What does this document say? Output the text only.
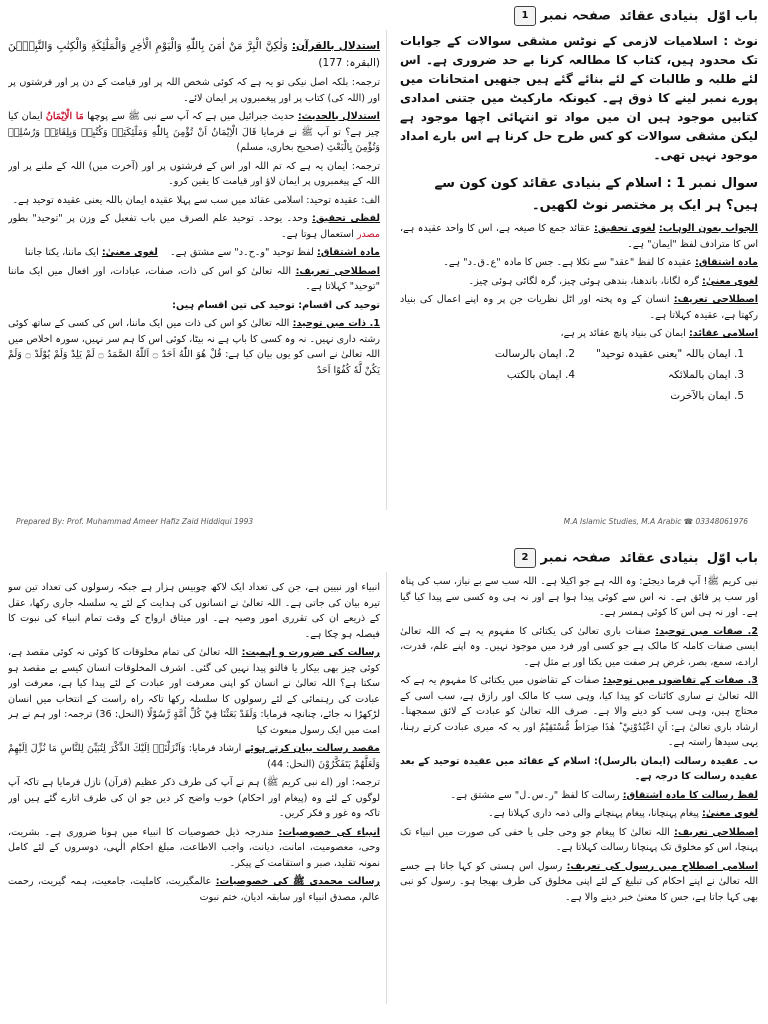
باب اوّل
بنیادی عقائد
صفحہ نمبر 1

نوٹ : اسلامیات لازمی کے نوٹس مشقی سوالات کے جوابات تک محدود ہیں، کتاب کا مطالعہ کرنا بے حد ضروری ہے۔ اس لئے طلبہ و طالبات کے لئے بنائے گئے ہیں جنھیں امتحانات میں پورے نمبر لینے کا ذوق ہے۔ کیونکہ مارکیٹ میں جتنی امدادی کتابیں موجود ہیں ان میں مواد تو انتہائی اچھا موجود ہے لیکن مشقی سوالات کو کس طرح حل کرنا ہے اس بارے امداد موجود نہیں تھی۔

سوال نمبر 1 : اسلام کے بنیادی عقائد کون کون سے ہیں؟ ہر ایک پر مختصر نوٹ لکھیں۔

الجواب بعون الوہاب: لغوی تحقیق: عقائد جمع کا صیغہ ہے، اس کا واحد عقیدہ ہے، اس کا مترادف لفظ "ایمان" ہے۔

مادہ اشتقاق: عقیدہ کا لفظ "عقد" سے نکلا ہے۔ جس کا مادہ "ع۔ق۔د" ہے۔

لغوی معنیٰ: گرہ لگانا، باندھنا، بندھی ہوئی چیز، گرہ لگائی ہوئی چیز۔

اصطلاحی تعریف: انسان کے وہ پختہ اور اٹل نظریات جن پر وہ اپنے اعمال کی بنیاد رکھتا ہے، عقیدہ کہلاتا ہے۔

اسلامی عقائد: ایمان کی بنیاد پانچ عقائد پر ہے،

1. ایمان باللہ "یعنی عقیدہ توحید"
2. ایمان بالرسالت
3. ایمان بالملائکہ
4. ایمان بالکتب
5. ایمان بالآخرت
M.A Islamic Studies, M.A Arabic ☎ 03348061976

استدلال بالقرآن: وَلٰكِنَّ الْبِرَّ مَنْ اٰمَنَ بِاللّٰهِ وَالْيَوْمِ الْاٰخِرِ وَالْمَلٰٓئِكَةِ وَالْكِتٰبِ وَالنَّبِيّٖنَ (البقرہ: 177)

ترجمہ: بلکہ اصل نیکی تو یہ ہے کہ کوئی شخص اللہ پر اور قیامت کے دن پر اور فرشتوں پر اور (اللہ کی) کتاب پر اور پیغمبروں پر ایمان لائے۔

استدلال بالحدیث: حدیث جبرائیل میں ہے کہ آپ سے نبی ﷺ سے پوچھا مَا الْاِيْمَانُ ایمان کیا چیز ہے؟ تو آپ ﷺ نے فرمایا قَالَ الْاِيْمَانُ اَنْ تُؤْمِنَ بِاللّٰهِ وَمَلٰٓئِكَتِهٖ وَكُتُبِهٖ وَبِلِقَائِهٖ وَرُسُلِهٖ وَتُؤْمِنَ بِالْبَعْثِ (صحیح بخاری، مسلم)

ترجمہ: ایمان یہ ہے کہ تم اللہ اور اس کے فرشتوں پر اور (آخرت میں) اللہ کے ملنے پر اور اللہ کے پیغمبروں پر ایمان لاؤ اور قیامت کا یقین کرو۔

الف: عقیدہ توحید: اسلامی عقائد میں سب سے پہلا عقیدہ ایمان باللہ یعنی عقیدہ توحید ہے۔

لفظی تحقیق: وحد۔ یوحد۔ توحید علم الصرف میں باب تفعیل کے وزن پر "توحید" بطور مصدر استعمال ہوتا ہے۔

مادہ اشتقاق: لفظ توحید "و۔ح۔د" سے مشتق ہے۔    لغوی معنیٰ: ایک ماننا، یکتا جاننا

اصطلاحی تعریف: اللہ تعالیٰ کو اس کی ذات، صفات، عبادات، اور افعال میں ایک ماننا "توحید" کہلاتا ہے۔

توحید کی اقسام: توحید کی تین اقسام ہیں:

1. ذات میں توحید: اللہ تعالیٰ کو اس کی ذات میں ایک ماننا، اس کی کسی کے ساتھ کوئی رشتہ داری نہیں۔ نہ وہ کسی کا باپ ہے نہ بیٹا، کوئی اس کا ہم سر نہیں، سورہ اخلاص میں اللہ تعالیٰ نے اسی کو یوں بیان کیا ہے: قُلْ هُوَ اللّٰهُ اَحَدٌ ۝ اَللّٰهُ الصَّمَدُ ۝ لَمْ يَلِدْ وَلَمْ يُوْلَدْ ۝ وَلَمْ يَكُنْ لَّهٗ كُفُوًا اَحَدٌ

Prepared By: Prof. Muhammad Ameer Hafiz Zaid Hiddiqui 1993
باب اوّل
بنیادی عقائد
صفحہ نمبر 2

نبی کریم ﷺ! آپ فرما دیجئے: وہ اللہ ہے جو اکیلا ہے۔ اللہ سب سے بے نیاز، سب کی پناہ اور سب پر فائق ہے۔ نہ اس سے کوئی پیدا ہوا ہے اور نہ ہی وہ کسی سے پیدا کیا گیا ہے۔ اور نہ ہی اس کا کوئی ہمسر ہے۔

2. صفات میں توحید: صفات باری تعالیٰ کی یکتائی کا مفہوم یہ ہے کہ اللہ تعالیٰ ایسی صفات کاملہ کا مالک ہے جو کسی اور فرد میں موجود نہیں۔ وہ اپنے علم، قدرت، ارادے، سمع، بصر، غرض ہر صفت میں یکتا اور بے مثل ہے۔

3. صفات کے تقاضوں میں توحید: صفات کے تقاضوں میں یکتائی کا مفہوم یہ ہے کہ اللہ تعالیٰ نے ساری کائنات کو پیدا کیا، وہی سب کا مالک اور رازق ہے، سب اسی کے محتاج ہیں، وہی سب کو دینے والا ہے۔ صرف اللہ تعالیٰ کو عبادت کے لائق سمجھنا۔ ارشاد باری تعالیٰ ہے: اَنِ اعْبُدُوْنِيْ ؕ هٰذَا صِرَاطٌ مُّسْتَقِيْمٌ اور یہ کہ میری عبادت کرتے رہنا، یہی سیدھا راستہ ہے۔

ب۔ عقیدہ رسالت (ایمان بالرسل): اسلام کے عقائد میں عقیدہ توحید کے بعد عقیدہ رسالت کا درجہ ہے۔

لفظ رسالت کا مادہ اشتقاق: رسالت کا لفظ "ر۔س۔ل" سے مشتق ہے۔

لغوی معنیٰ: پیغام پہنچانا، پیغام پہنچانے والی ذمہ داری کہلاتا ہے۔

اصطلاحی تعریف: اللہ تعالیٰ کا پیغام جو وحی جلی یا خفی کی صورت میں انبیاء تک پہنچا، اس کو مخلوق تک پہنچانا رسالت کہلاتا ہے۔

اسلامی اصطلاح میں رسول کی تعریف: رسول اس ہستی کو کہا جاتا ہے جسے اللہ تعالیٰ نے اپنے احکام کی تبلیغ کے لئے اپنی مخلوق کی طرف بھیجا ہو۔ رسول کو نبی بھی کہا جاتا ہے، جس کا معنیٰ خبر دینے والا ہے۔

انبیاء اور نبیین ہے، جن کی تعداد ایک لاکھ چوبیس ہزار ہے جبکہ رسولوں کی تعداد تین سو تیرہ بیان کی جاتی ہے۔ اللہ تعالیٰ نے انسانوں کی ہدایت کے لئے یہ سلسلہ جاری رکھا، عقل کے ذریعے ان کی تقرری امور وصیہ ہے۔ اور میثاق ارواح کے وقت تمام انبیاء کی نبوت کا فیصلہ ہو چکا ہے۔

رسالت کی ضرورت و اہمیت: اللہ تعالیٰ کی تمام مخلوقات کا کوئی نہ کوئی مقصد ہے، کوئی چیز بھی بیکار یا فالتو پیدا نہیں کی گئی۔ اشرف المخلوقات انسان کیسے بے مقصد ہو سکتا ہے؟ اللہ تعالیٰ نے انسان کو اپنی معرفت اور عبادت کے لئے پیدا کیا ہے، معرفت اور عبادت کی رہنمائی کے لئے رسولوں کا سلسلہ رکھا تاکہ راہ راست کے انتخاب میں انسان لڑکھڑا نہ جائے، چنانچہ فرمایا: وَلَقَدْ بَعَثْنَا فِيْ كُلِّ اُمَّةٍ رَّسُوْلًا (النحل: 36) ترجمہ: اور ہم نے ہر امت میں ایک رسول مبعوث کیا

مقصد رسالت بیان کرتے ہوئے ارشاد فرمایا: وَاَنْزَلْنَاۤ اِلَيْكَ الذِّكْرَ لِتُبَيِّنَ لِلنَّاسِ مَا نُزِّلَ اِلَيْهِمْ وَلَعَلَّهُمْ يَتَفَكَّرُوْنَ (النحل: 44)

ترجمہ: اور (اے نبی کریم ﷺ) ہم نے آپ کی طرف ذکر عظیم (قرآن) نازل فرمایا ہے تاکہ آپ لوگوں کے لئے وہ (پیغام اور احکام) خوب واضح کر دیں جو ان کی طرف اتارے گئے ہیں اور تاکہ وہ غور و فکر کریں۔

انبیاء کی خصوصیات: مندرجہ ذیل خصوصیات کا انبیاء میں ہونا ضروری ہے۔ بشریت، وحی، معصومیت، امانت، دیانت، واجب الاطاعت، مبلغ احکام الٰہی، دوسروں کے لئے کامل نمونہ تقلید، صبر و استقامت کے پیکر۔

رسالت محمدی ﷺ کی خصوصیات: عالمگیریت، کاملیت، جامعیت، ہمہ گیریت، رحمت عالم، مصدق انبیاء اور سابقہ ادیان، ختم نبوت
